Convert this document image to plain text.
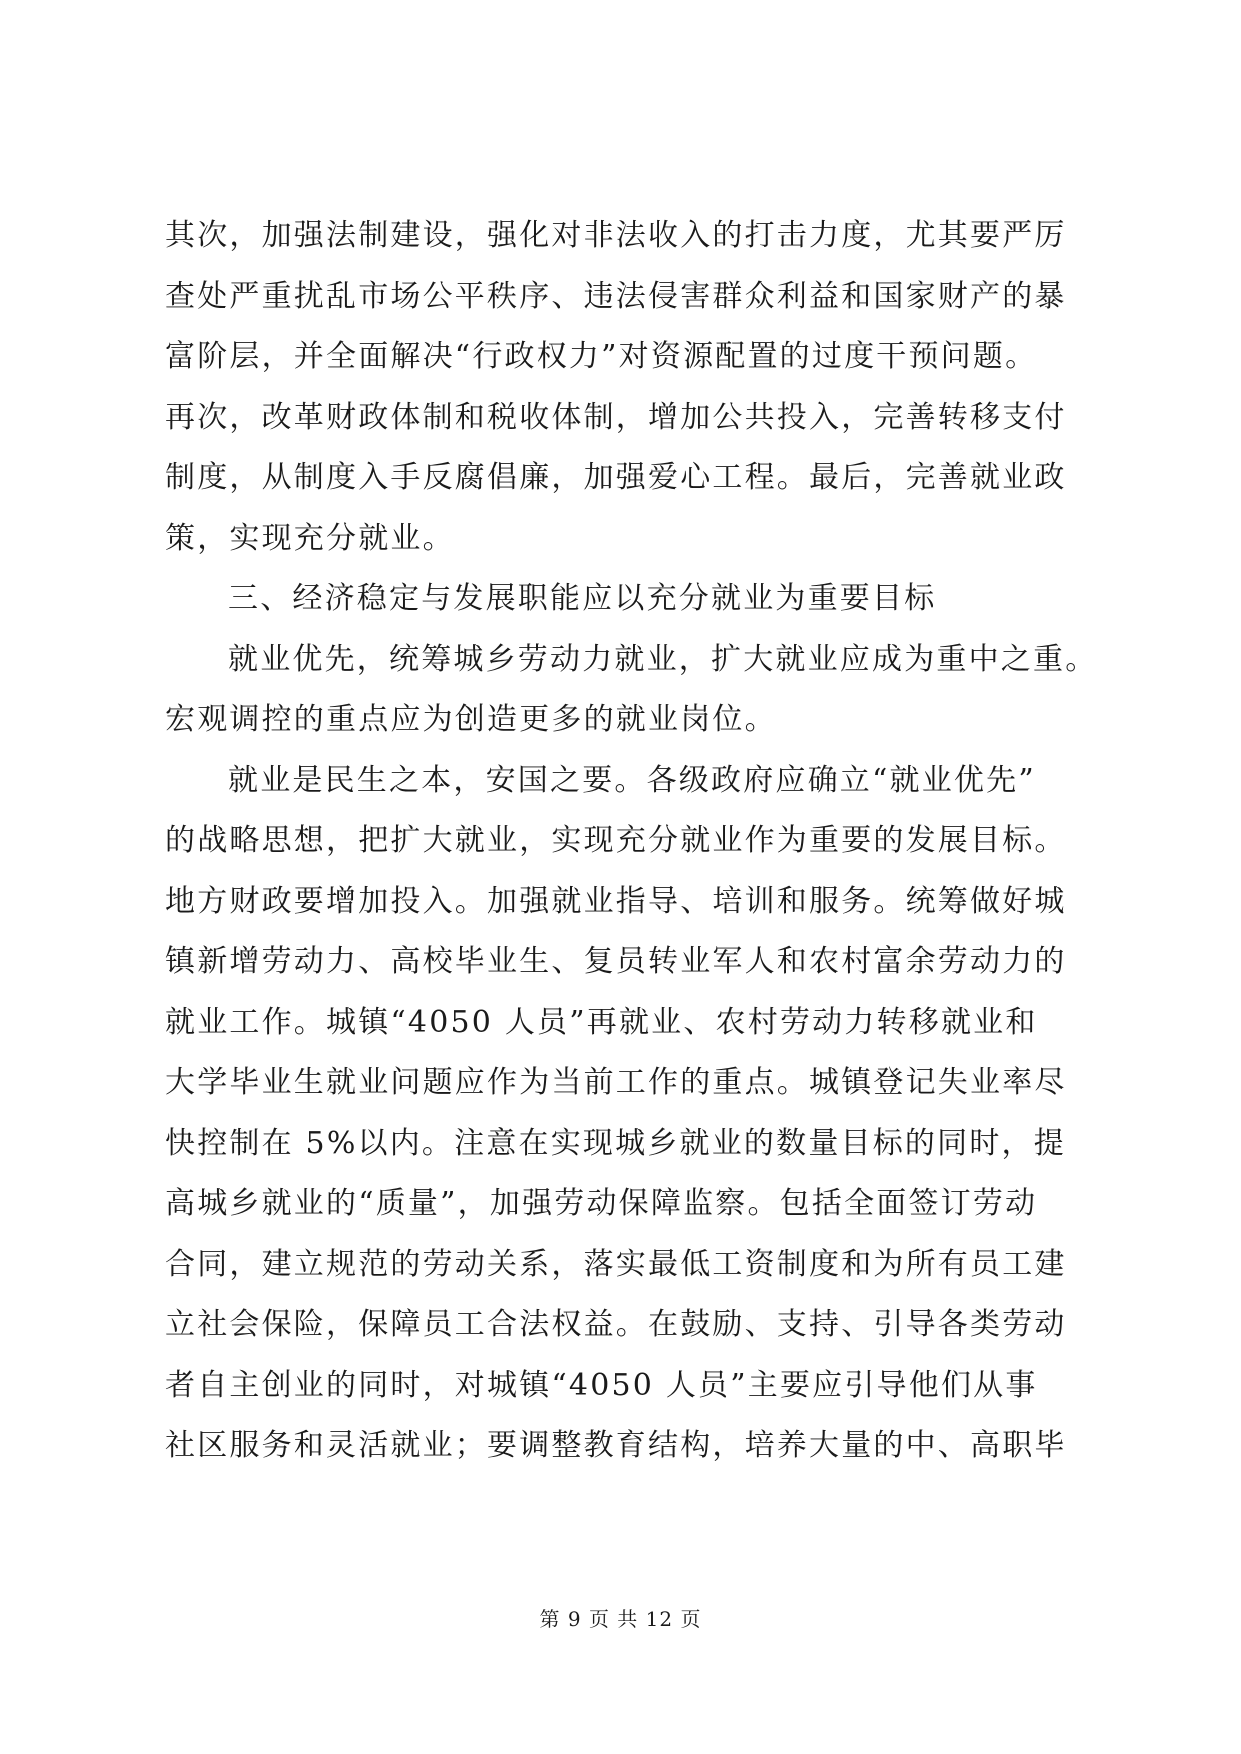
其次，加强法制建设，强化对非法收入的打击力度，尤其要严厉
查处严重扰乱市场公平秩序、违法侵害群众利益和国家财产的暴
富阶层，并全面解决“行政权力”对资源配置的过度干预问题。
再次，改革财政体制和税收体制，增加公共投入，完善转移支付
制度，从制度入手反腐倡廉，加强爱心工程。最后，完善就业政
策，实现充分就业。
三、经济稳定与发展职能应以充分就业为重要目标
就业优先，统筹城乡劳动力就业，扩大就业应成为重中之重。
宏观调控的重点应为创造更多的就业岗位。
就业是民生之本，安国之要。各级政府应确立“就业优先”
的战略思想，把扩大就业，实现充分就业作为重要的发展目标。
地方财政要增加投入。加强就业指导、培训和服务。统筹做好城
镇新增劳动力、高校毕业生、复员转业军人和农村富余劳动力的
就业工作。城镇“4050 人员”再就业、农村劳动力转移就业和
大学毕业生就业问题应作为当前工作的重点。城镇登记失业率尽
快控制在 5%以内。注意在实现城乡就业的数量目标的同时，提
高城乡就业的“质量”，加强劳动保障监察。包括全面签订劳动
合同，建立规范的劳动关系，落实最低工资制度和为所有员工建
立社会保险，保障员工合法权益。在鼓励、支持、引导各类劳动
者自主创业的同时，对城镇“4050 人员”主要应引导他们从事
社区服务和灵活就业；要调整教育结构，培养大量的中、高职毕
第 9 页 共 12 页
